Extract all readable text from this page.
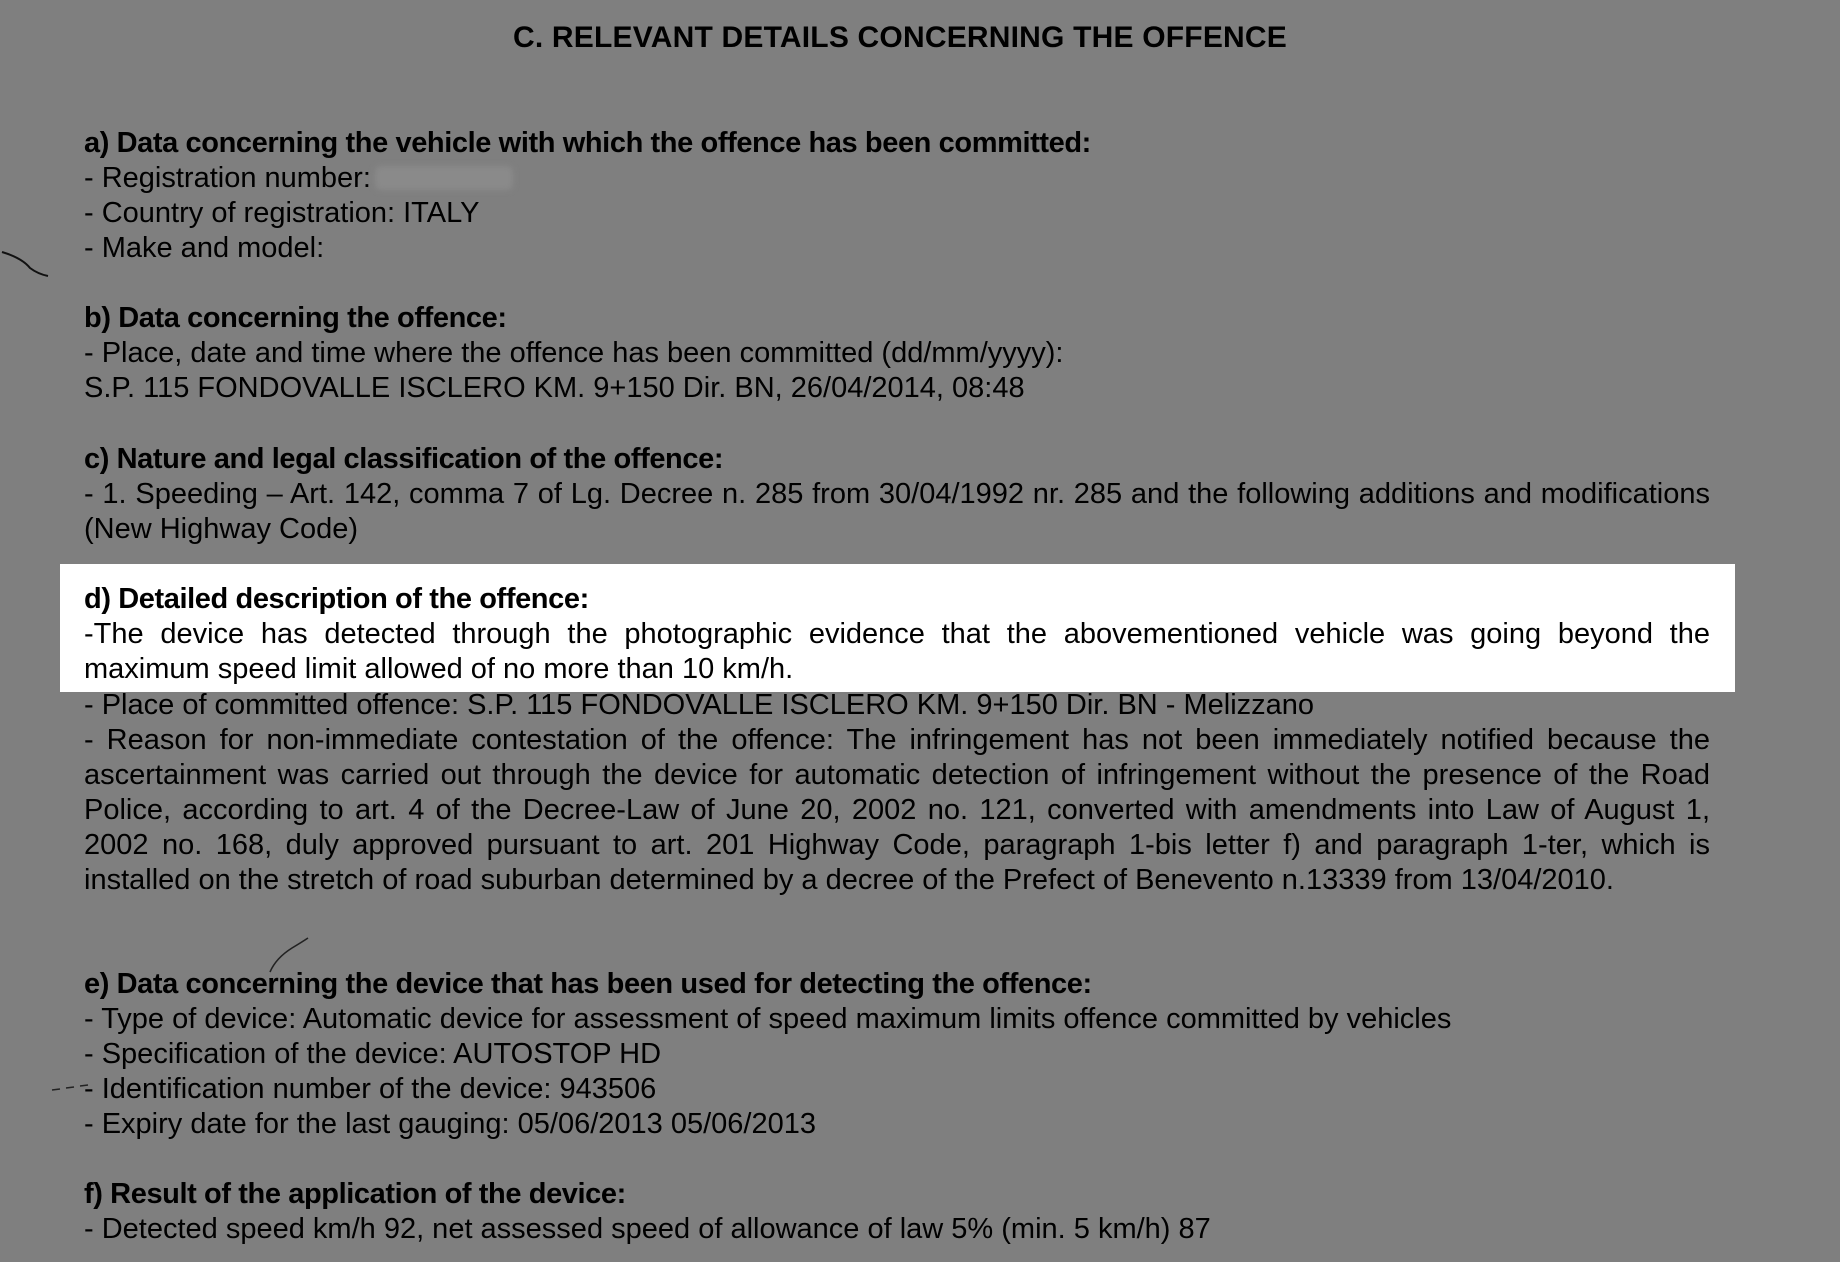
C. RELEVANT DETAILS CONCERNING THE OFFENCE
a) Data concerning the vehicle with which the offence has been committed:
- Registration number:
- Country of registration: ITALY
- Make and model:
b) Data concerning the offence:
- Place, date and time where the offence has been committed (dd/mm/yyyy):
S.P. 115 FONDOVALLE ISCLERO KM. 9+150 Dir. BN, 26/04/2014, 08:48
c) Nature and legal classification of the offence:
- 1. Speeding – Art. 142, comma 7 of Lg. Decree n. 285 from 30/04/1992 nr. 285 and the following additions and modifications (New Highway Code)
d) Detailed description of the offence:
-The device has detected through the photographic evidence that the abovementioned vehicle was going beyond the maximum speed limit allowed of no more than 10 km/h.
- Place of committed offence: S.P. 115 FONDOVALLE ISCLERO KM. 9+150 Dir. BN - Melizzano
- Reason for non-immediate contestation of the offence: The infringement has not been immediately notified because the ascertainment was carried out through the device for automatic detection of infringement without the presence of the Road Police, according to art. 4 of the Decree-Law of June 20, 2002 no. 121, converted with amendments into Law of August 1, 2002 no. 168, duly approved pursuant to art. 201 Highway Code, paragraph 1-bis letter f) and paragraph 1-ter, which is installed on the stretch of road suburban determined by a decree of the Prefect of Benevento n.13339 from 13/04/2010.
e) Data concerning the device that has been used for detecting the offence:
- Type of device: Automatic device for assessment of speed maximum limits offence committed by vehicles
- Specification of the device: AUTOSTOP HD
- Identification number of the device: 943506
- Expiry date for the last gauging: 05/06/2013 05/06/2013
f) Result of the application of the device:
- Detected speed km/h 92, net assessed speed of allowance of law 5% (min. 5 km/h) 87
